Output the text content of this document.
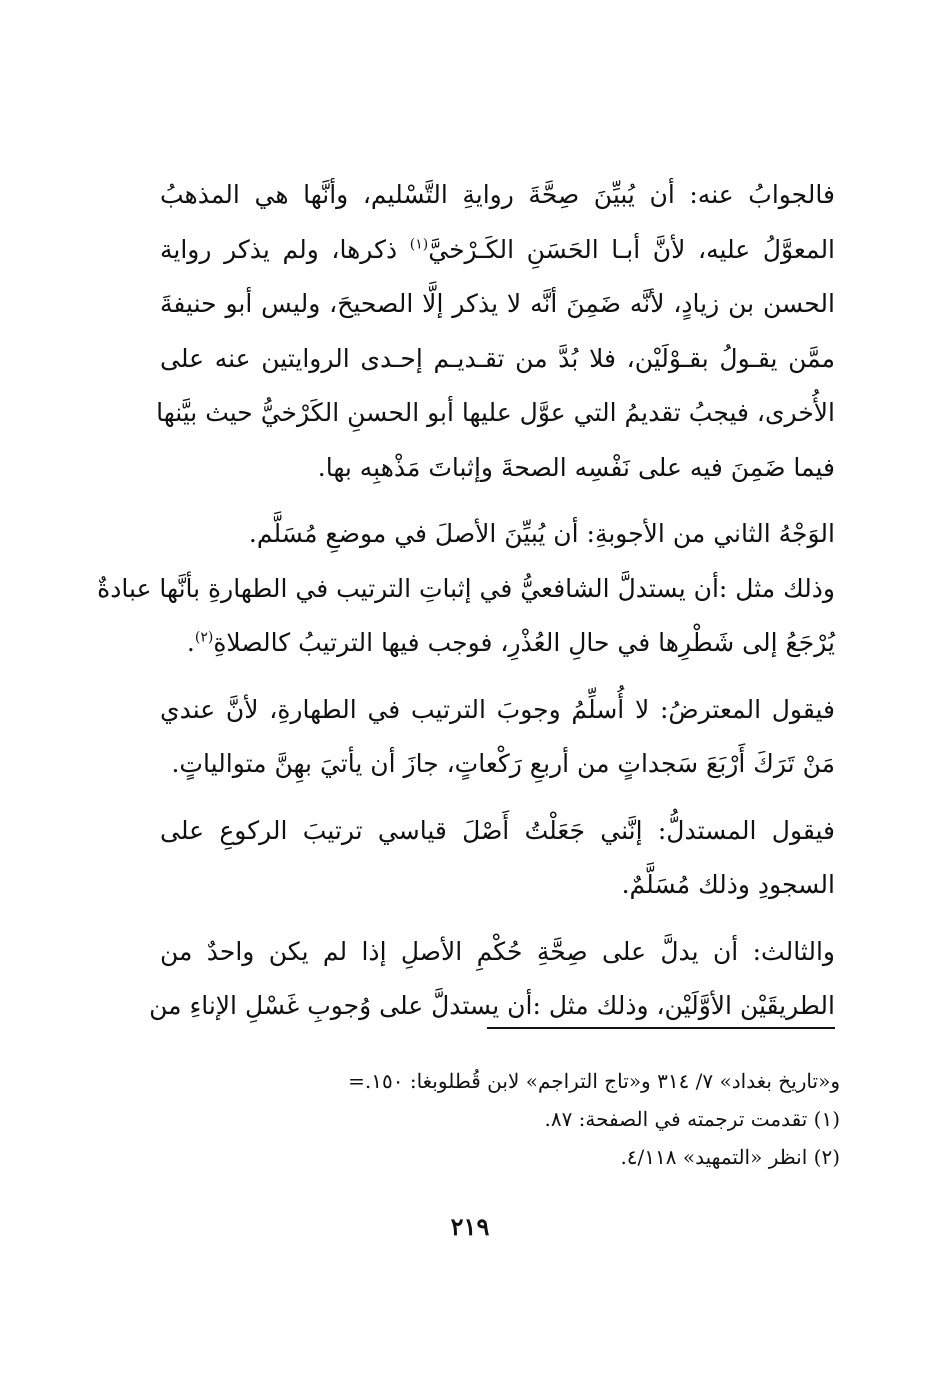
فالجوابُ عنه: أن يُبيِّنَ صِحَّةَ روايةِ التَّسْليم، وأنَّها هي المذهبُ
المعوَّلُ عليه، لأنَّ أبـا الحَسَنِ الكَـرْخيَّ$^{(١)}$ ذكرها، ولم يذكر رواية
الحسن بن زيادٍ، لأنَّه ضَمِنَ أنَّه لا يذكر إلَّا الصحيحَ، وليس أبو حنيفةَ
ممَّن يقـولُ بقـوْلَيْن، فلا بُدَّ من تقـديـم إحـدى الروايتين عنه على
الأُخرى، فيجبُ تقديمُ التي عوَّل عليها أبو الحسنِ الكَرْخيُّ حيث بيَّنها
فيما ضَمِنَ فيه على نَفْسِه الصحةَ وإثباتَ مَذْهبِه بها.
الوَجْهُ الثاني من الأجوبةِ: أن يُبيِّنَ الأصلَ في موضعِ مُسَلَّم.
وذلك مثل :أن يستدلَّ الشافعيُّ في إثباتِ الترتيب في الطهارةِ بأنَّها عبادةٌ
يُرْجَعُ إلى شَطْرِها في حالِ العُذْرِ، فوجب فيها الترتيبُ كالصلاةِ$^{(٢)}$.
فيقول المعترضُ: لا أُسلِّمُ وجوبَ الترتيب في الطهارةِ، لأنَّ عندي
مَنْ تَرَكَ أَرْبَعَ سَجداتٍ من أربعِ رَكْعاتٍ، جازَ أن يأتيَ بهِنَّ متوالياتٍ.
فيقول المستدلُّ: إنَّني جَعَلْتُ أَصْلَ قياسي ترتيبَ الركوعِ على
السجودِ وذلك مُسَلَّمٌ.
والثالث: أن يدلَّ على صِحَّةِ حُكْمِ الأصلِ إذا لم يكن واحدٌ من
الطريقَيْن الأوَّلَيْن، وذلك مثل :أن يستدلَّ على وُجوبِ غَسْلِ الإناءِ من
و«تاريخ بغداد» ٧/ ٣١٤ و«تاج التراجم» لابن قُطلوبغا: ١٥٠.=
(١) تقدمت ترجمته في الصفحة: ٨٧.
(٢) انظر «التمهيد» ٤/١١٨.
٢١٩
